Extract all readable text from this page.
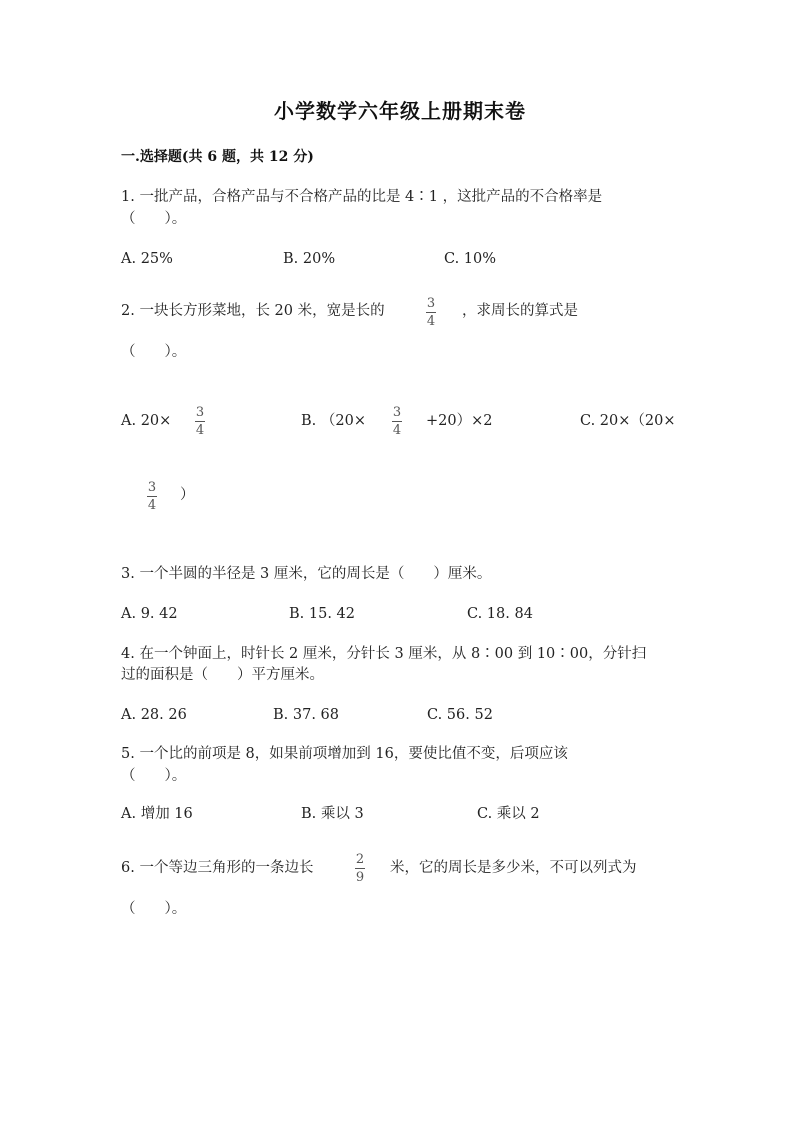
小学数学六年级上册期末卷
一.选择题(共 6 题，共 12 分)
1. 一批产品，合格产品与不合格产品的比是 4∶1 ，这批产品的不合格率是
（　　）。
A. 25%	B. 20%	C. 10%
2. 一块长方形菜地，长 20 米，宽是长的	3
4
，求周长的算式是
（　　）。
A. 20×
3
4
B. （20×
3
4
+20）×2	C. 20×（20×
3
4
）
3. 一个半圆的半径是 3 厘米，它的周长是（　　）厘米。
A. 9. 42	B. 15. 42	C. 18. 84
4. 在一个钟面上，时针长 2 厘米，分针长 3 厘米，从 8∶00 到 10∶00，分针扫
过的面积是（　　）平方厘米。
A. 28. 26	B. 37. 68	C. 56. 52
5. 一个比的前项是 8，如果前项增加到 16，要使比值不变，后项应该
（　　）。
A. 增加 16	B. 乘以 3	C. 乘以 2
6. 一个等边三角形的一条边长
2
9
米，它的周长是多少米，不可以列式为
（　　）。
